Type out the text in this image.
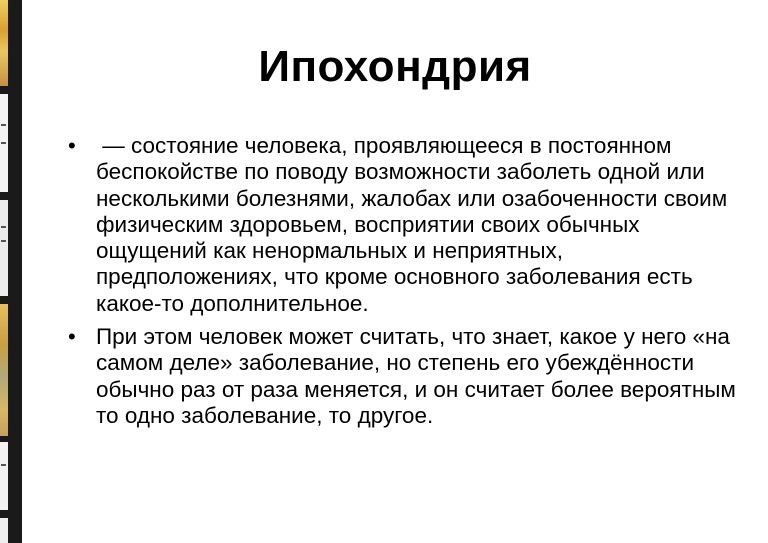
Ипохондрия
• — состояние человека, проявляющееся в постоянном беспокойстве по поводу возможности заболеть одной или несколькими болезнями, жалобах или озабоченности своим физическим здоровьем, восприятии своих обычных ощущений как ненормальных и неприятных, предположениях, что кроме основного заболевания есть какое-то дополнительное.
• При этом человек может считать, что знает, какое у него «на самом деле» заболевание, но степень его убеждённости обычно раз от раза меняется, и он считает более вероятным то одно заболевание, то другое.
